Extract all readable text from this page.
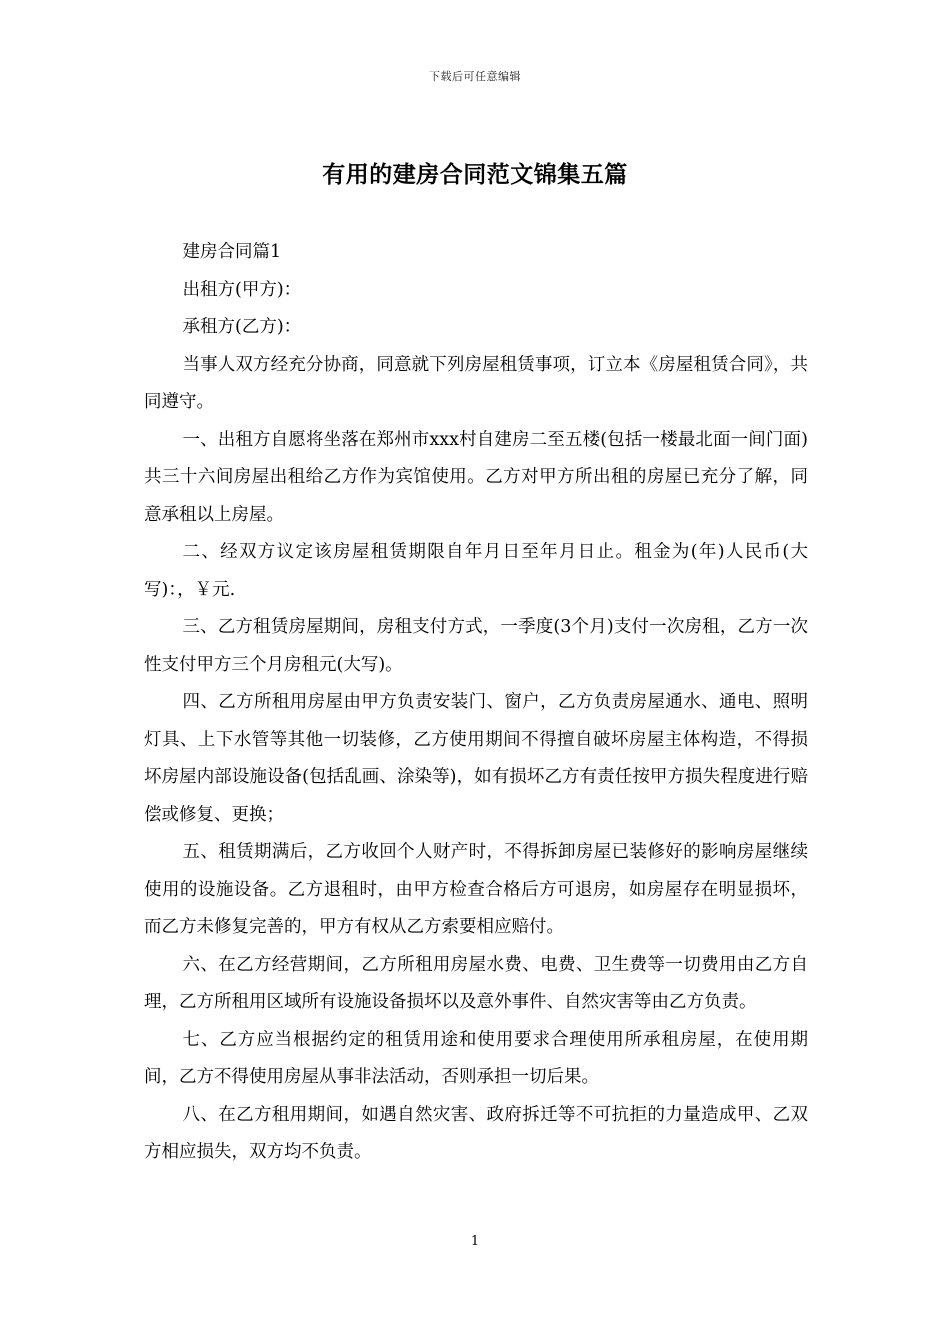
下载后可任意编辑
有用的建房合同范文锦集五篇

建房合同篇1

出租方(甲方)：

承租方(乙方)：

当事人双方经充分协商，同意就下列房屋租赁事项，订立本《房屋租赁合同》，共同遵守。

一、出租方自愿将坐落在郑州市xxx村自建房二至五楼(包括一楼最北面一间门面)共三十六间房屋出租给乙方作为宾馆使用。乙方对甲方所出租的房屋已充分了解，同意承租以上房屋。

二、经双方议定该房屋租赁期限自年月日至年月日止。租金为(年)人民币(大写)：，￥元.

三、乙方租赁房屋期间，房租支付方式，一季度(3个月)支付一次房租，乙方一次性支付甲方三个月房租元(大写)。

四、乙方所租用房屋由甲方负责安装门、窗户，乙方负责房屋通水、通电、照明灯具、上下水管等其他一切装修，乙方使用期间不得擅自破坏房屋主体构造，不得损坏房屋内部设施设备(包括乱画、涂染等)，如有损坏乙方有责任按甲方损失程度进行赔偿或修复、更换；

五、租赁期满后，乙方收回个人财产时，不得拆卸房屋已装修好的影响房屋继续使用的设施设备。乙方退租时，由甲方检查合格后方可退房，如房屋存在明显损坏，而乙方未修复完善的，甲方有权从乙方索要相应赔付。

六、在乙方经营期间，乙方所租用房屋水费、电费、卫生费等一切费用由乙方自理，乙方所租用区域所有设施设备损坏以及意外事件、自然灾害等由乙方负责。

七、乙方应当根据约定的租赁用途和使用要求合理使用所承租房屋，在使用期间，乙方不得使用房屋从事非法活动，否则承担一切后果。

八、在乙方租用期间，如遇自然灾害、政府拆迁等不可抗拒的力量造成甲、乙双方相应损失，双方均不负责。

1
